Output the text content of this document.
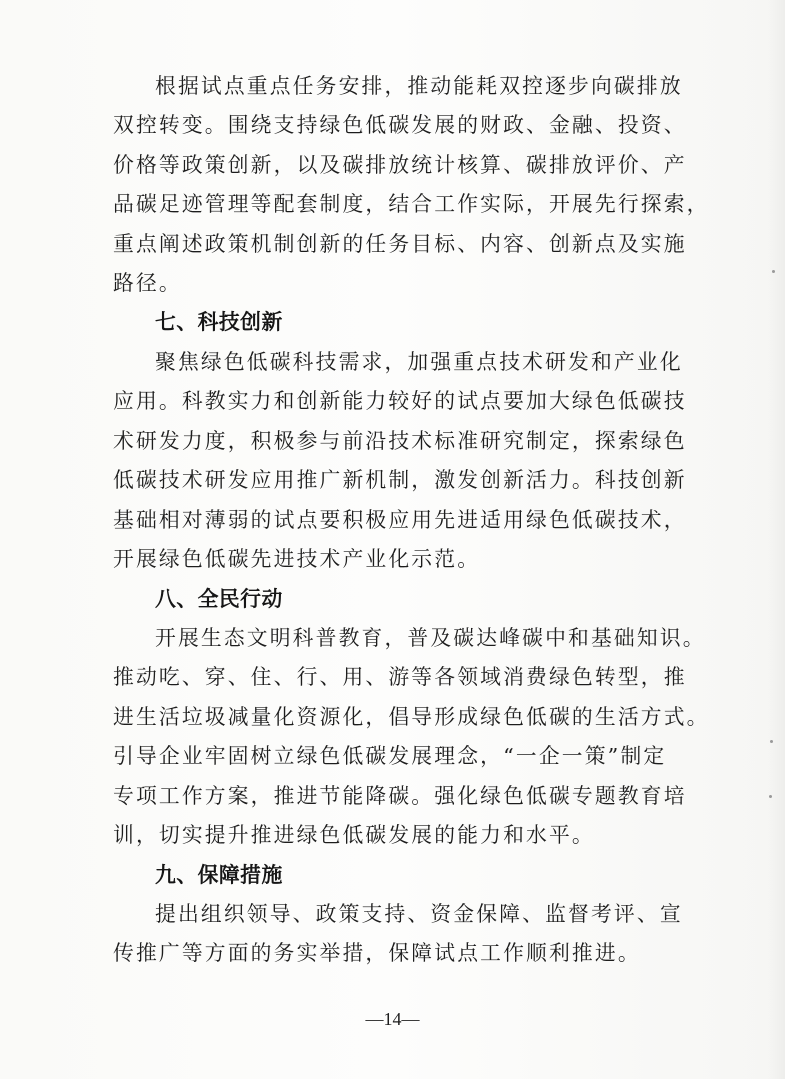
根据试点重点任务安排，推动能耗双控逐步向碳排放
双控转变。围绕支持绿色低碳发展的财政、金融、投资、
价格等政策创新，以及碳排放统计核算、碳排放评价、产
品碳足迹管理等配套制度，结合工作实际，开展先行探索，
重点阐述政策机制创新的任务目标、内容、创新点及实施
路径。
七、科技创新
聚焦绿色低碳科技需求，加强重点技术研发和产业化
应用。科教实力和创新能力较好的试点要加大绿色低碳技
术研发力度，积极参与前沿技术标准研究制定，探索绿色
低碳技术研发应用推广新机制，激发创新活力。科技创新
基础相对薄弱的试点要积极应用先进适用绿色低碳技术，
开展绿色低碳先进技术产业化示范。
八、全民行动
开展生态文明科普教育，普及碳达峰碳中和基础知识。
推动吃、穿、住、行、用、游等各领域消费绿色转型，推
进生活垃圾减量化资源化，倡导形成绿色低碳的生活方式。
引导企业牢固树立绿色低碳发展理念，“一企一策”制定
专项工作方案，推进节能降碳。强化绿色低碳专题教育培
训，切实提升推进绿色低碳发展的能力和水平。
九、保障措施
提出组织领导、政策支持、资金保障、监督考评、宣
传推广等方面的务实举措，保障试点工作顺利推进。
—14—
